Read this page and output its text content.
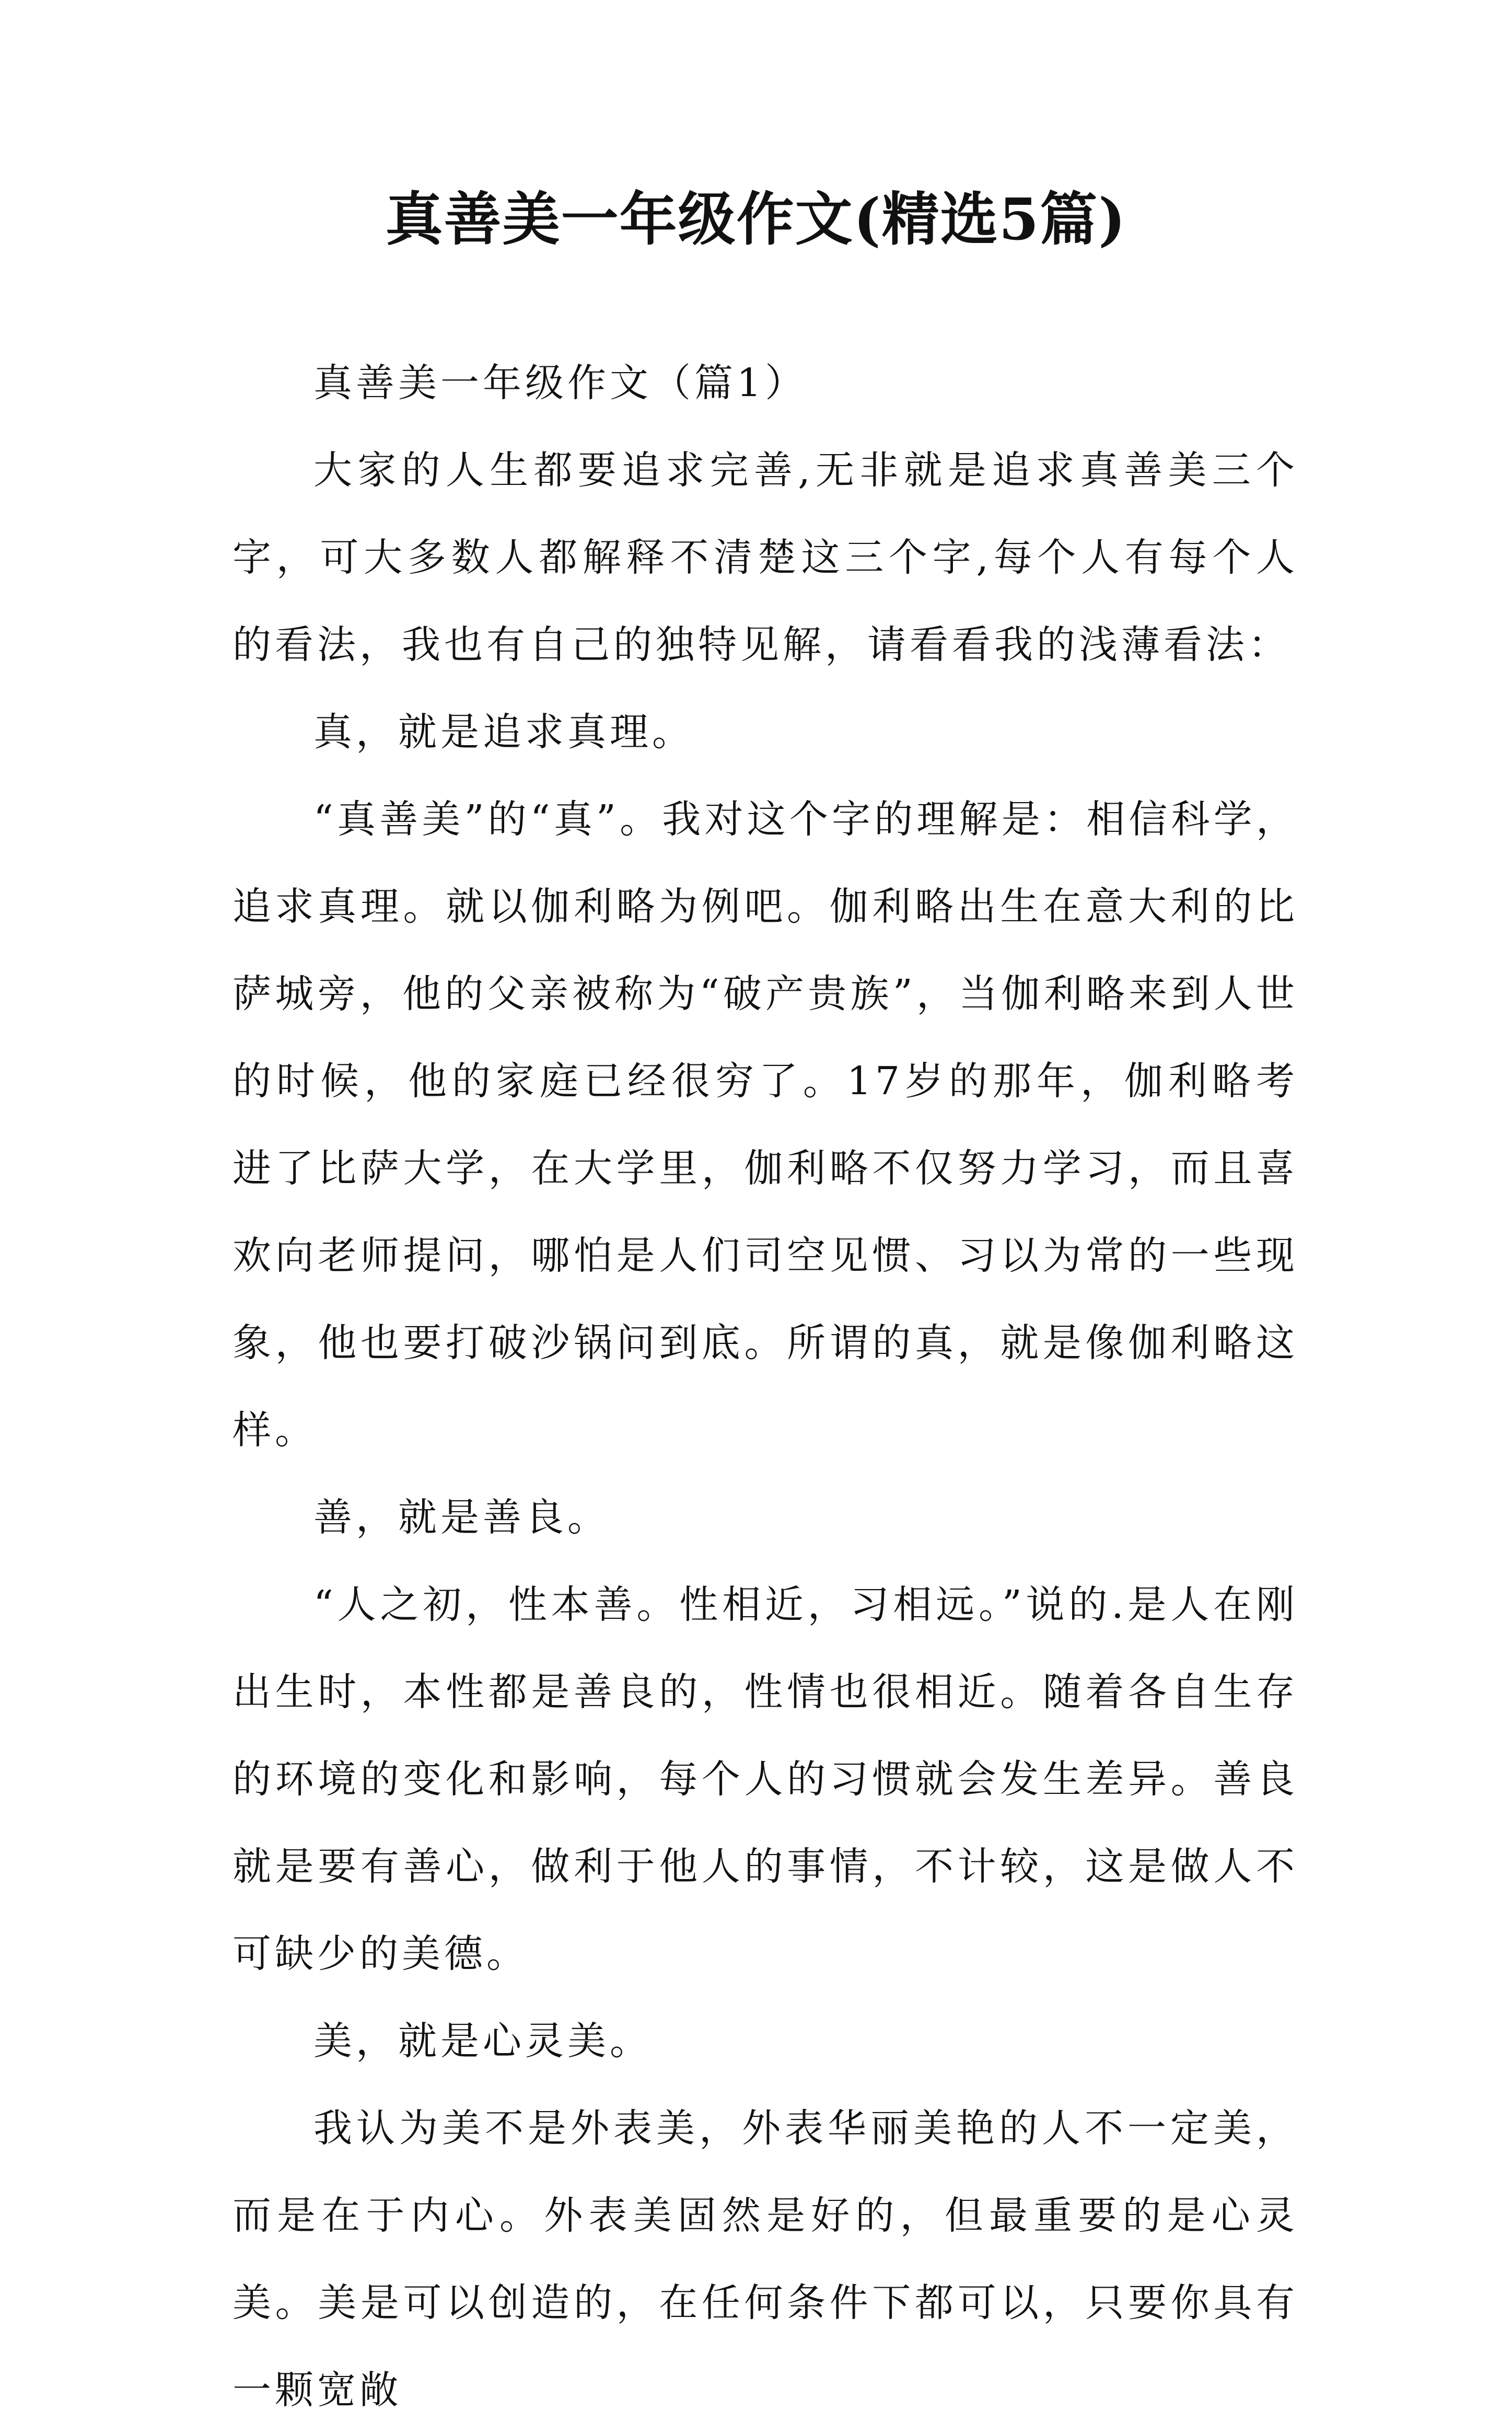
真善美一年级作文(精选5篇)

真善美一年级作文（篇1）

大家的人生都要追求完善,无非就是追求真善美三个字，可大多数人都解释不清楚这三个字,每个人有每个人的看法，我也有自己的独特见解，请看看我的浅薄看法：

真，就是追求真理。

“真善美”的“真”。我对这个字的理解是：相信科学，追求真理。就以伽利略为例吧。伽利略出生在意大利的比萨城旁，他的父亲被称为“破产贵族”，当伽利略来到人世的时候，他的家庭已经很穷了。17岁的那年，伽利略考进了比萨大学，在大学里，伽利略不仅努力学习，而且喜欢向老师提问，哪怕是人们司空见惯、习以为常的一些现象，他也要打破沙锅问到底。所谓的真，就是像伽利略这样。

善，就是善良。

“人之初，性本善。性相近，习相远。”说的.是人在刚出生时，本性都是善良的，性情也很相近。随着各自生存的环境的变化和影响，每个人的习惯就会发生差异。善良就是要有善心，做利于他人的事情，不计较，这是做人不可缺少的美德。

美，就是心灵美。

我认为美不是外表美，外表华丽美艳的人不一定美，而是在于内心。外表美固然是好的，但最重要的是心灵美。美是可以创造的，在任何条件下都可以，只要你具有一颗宽敞
